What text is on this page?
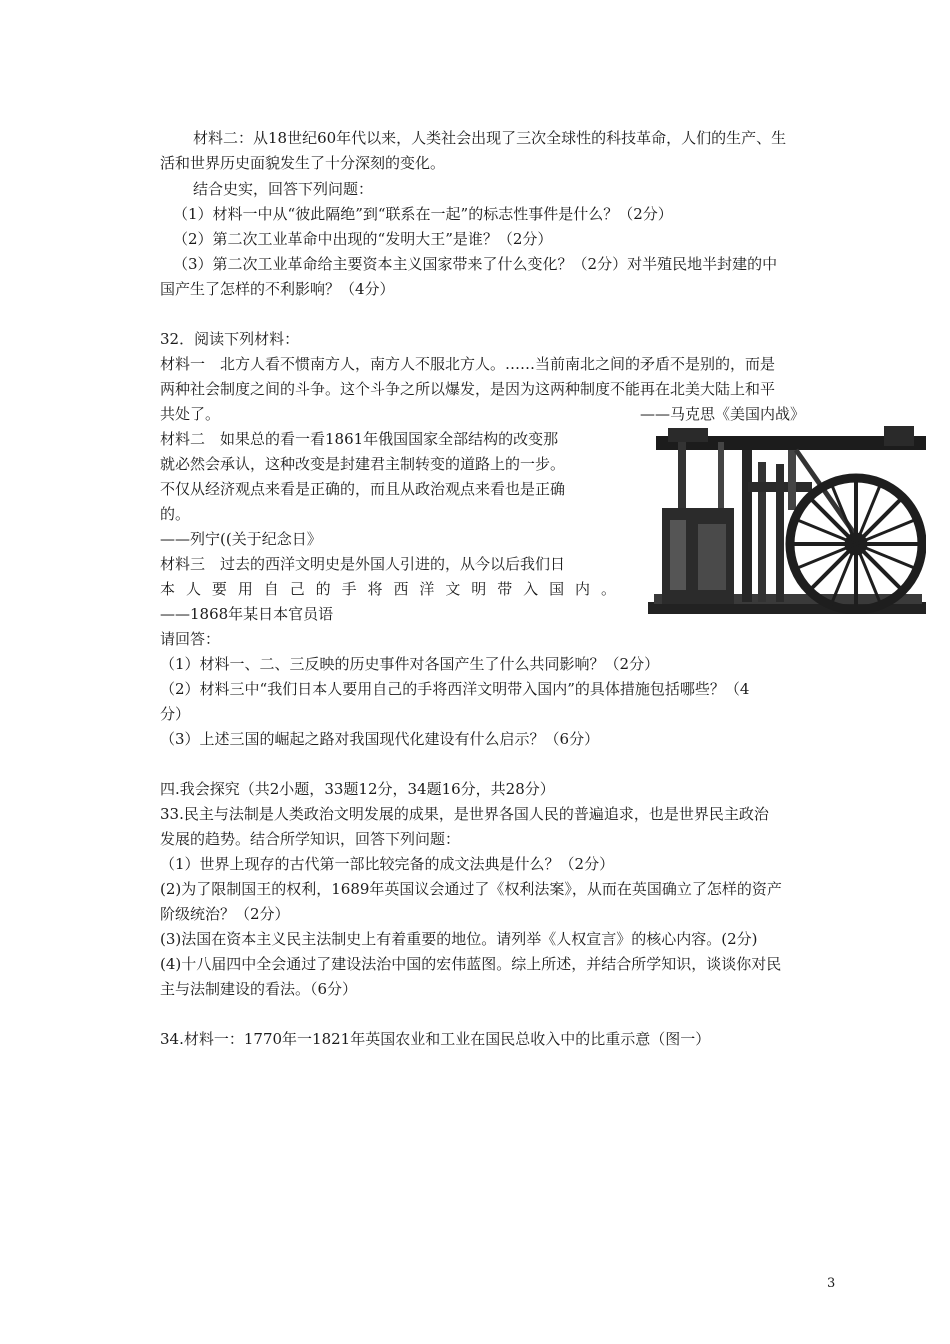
材料二：从18世纪60年代以来，人类社会出现了三次全球性的科技革命，人们的生产、生
活和世界历史面貌发生了十分深刻的变化。
结合史实，回答下列问题：
（1）材料一中从“彼此隔绝”到“联系在一起”的标志性事件是什么？（2分）
（2）第二次工业革命中出现的“发明大王”是谁？（2分）
（3）第二次工业革命给主要资本主义国家带来了什么变化？（2分）对半殖民地半封建的中
国产生了怎样的不利影响？（4分）
32．阅读下列材料：
材料一　北方人看不惯南方人，南方人不服北方人。……当前南北之间的矛盾不是别的，而是
两种社会制度之间的斗争。这个斗争之所以爆发，是因为这两种制度不能再在北美大陆上和平
共处了。	——马克思《美国内战》
材料二　如果总的看一看1861年俄国国家全部结构的改变那
就必然会承认，这种改变是封建君主制转变的道路上的一步。
不仅从经济观点来看是正确的，而且从政治观点来看也是正确
的。
——列宁((关于纪念日》
材料三　过去的西洋文明史是外国人引进的，从今以后我们日
本人要用自己的手将西洋文明带入国内。
——1868年某日本官员语
请回答：
（1）材料一、二、三反映的历史事件对各国产生了什么共同影响？（2分）
（2）材料三中“我们日本人要用自己的手将西洋文明带入国内”的具体措施包括哪些？（4
分）
（3）上述三国的崛起之路对我国现代化建设有什么启示？（6分）
四.我会探究（共2小题，33题12分，34题16分，共28分）
33.民主与法制是人类政治文明发展的成果，是世界各国人民的普遍追求，也是世界民主政治
发展的趋势。结合所学知识，回答下列问题：
（1）世界上现存的古代第一部比较完备的成文法典是什么？（2分）
(2)为了限制国王的权利，1689年英国议会通过了《权利法案》，从而在英国确立了怎样的资产
阶级统治？（2分）
(3)法国在资本主义民主法制史上有着重要的地位。请列举《人权宣言》的核心内容。(2分)
(4)十八届四中全会通过了建设法治中国的宏伟蓝图。综上所述，并结合所学知识，谈谈你对民
主与法制建设的看法。（6分）
34.材料一：1770年一1821年英国农业和工业在国民总收入中的比重示意（图一）
3
